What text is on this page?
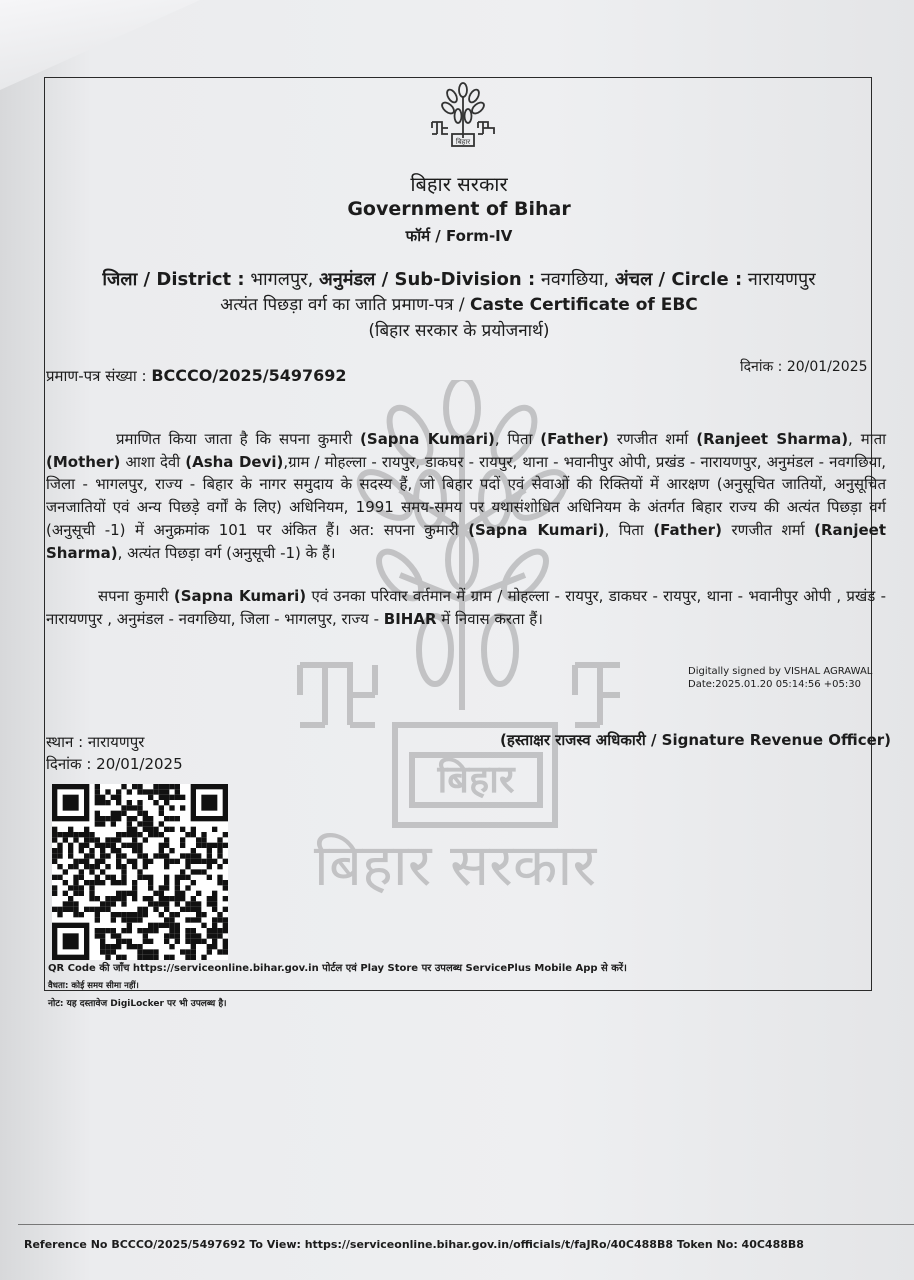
बिहार
बिहार सरकार
बिहार
बिहार सरकार
Government of Bihar
फॉर्म / Form-IV
जिला / District : भागलपुर, अनुमंडल / Sub-Division : नवगछिया, अंचल / Circle : नारायणपुर
अत्यंत पिछड़ा वर्ग का जाति प्रमाण-पत्र / Caste Certificate of EBC
(बिहार सरकार के प्रयोजनार्थ)
प्रमाण-पत्र संख्या : BCCCO/2025/5497692	दिनांक : 20/01/2025
प्रमाणित किया जाता है कि सपना कुमारी (Sapna Kumari), पिता (Father) रणजीत शर्मा (Ranjeet Sharma), माता (Mother) आशा देवी (Asha Devi),ग्राम / मोहल्ला - रायपुर, डाकघर - रायपुर, थाना - भवानीपुर ओपी, प्रखंड - नारायणपुर, अनुमंडल - नवगछिया, जिला - भागलपुर, राज्य - बिहार के नागर समुदाय के सदस्य हैं, जो बिहार पदों एवं सेवाओं की रिक्तियों में आरक्षण (अनुसूचित जातियों, अनुसूचित जनजातियों एवं अन्य पिछड़े वर्गों के लिए) अधिनियम, 1991 समय-समय पर यथासंशोधित अधिनियम के अंतर्गत बिहार राज्य की अत्यंत पिछड़ा वर्ग (अनुसूची -1) में अनुक्रमांक 101 पर अंकित हैं। अत: सपना कुमारी (Sapna Kumari), पिता (Father) रणजीत शर्मा (Ranjeet Sharma), अत्यंत पिछड़ा वर्ग (अनुसूची -1) के हैं।
सपना कुमारी (Sapna Kumari) एवं उनका परिवार वर्तमान में ग्राम / मोहल्ला - रायपुर, डाकघर - रायपुर, थाना - भवानीपुर ओपी , प्रखंड - नारायणपुर , अनुमंडल - नवगछिया, जिला - भागलपुर, राज्य - BIHAR में निवास करता हैं।
Digitally signed by VISHAL AGRAWAL
Date:2025.01.20 05:14:56 +05:30
स्थान : नारायणपुर
दिनांक : 20/01/2025
(हस्ताक्षर राजस्व अधिकारी / Signature Revenue Officer)
QR Code की जाँच https://serviceonline.bihar.gov.in पोर्टल एवं Play Store पर उपलब्ध ServicePlus Mobile App से करें।
वैधता: कोई समय सीमा नहीं।
नोट: यह दस्तावेज DigiLocker पर भी उपलब्ध है।
Reference No BCCCO/2025/5497692 To View: https://serviceonline.bihar.gov.in/officials/t/faJRo/40C488B8 Token No: 40C488B8
